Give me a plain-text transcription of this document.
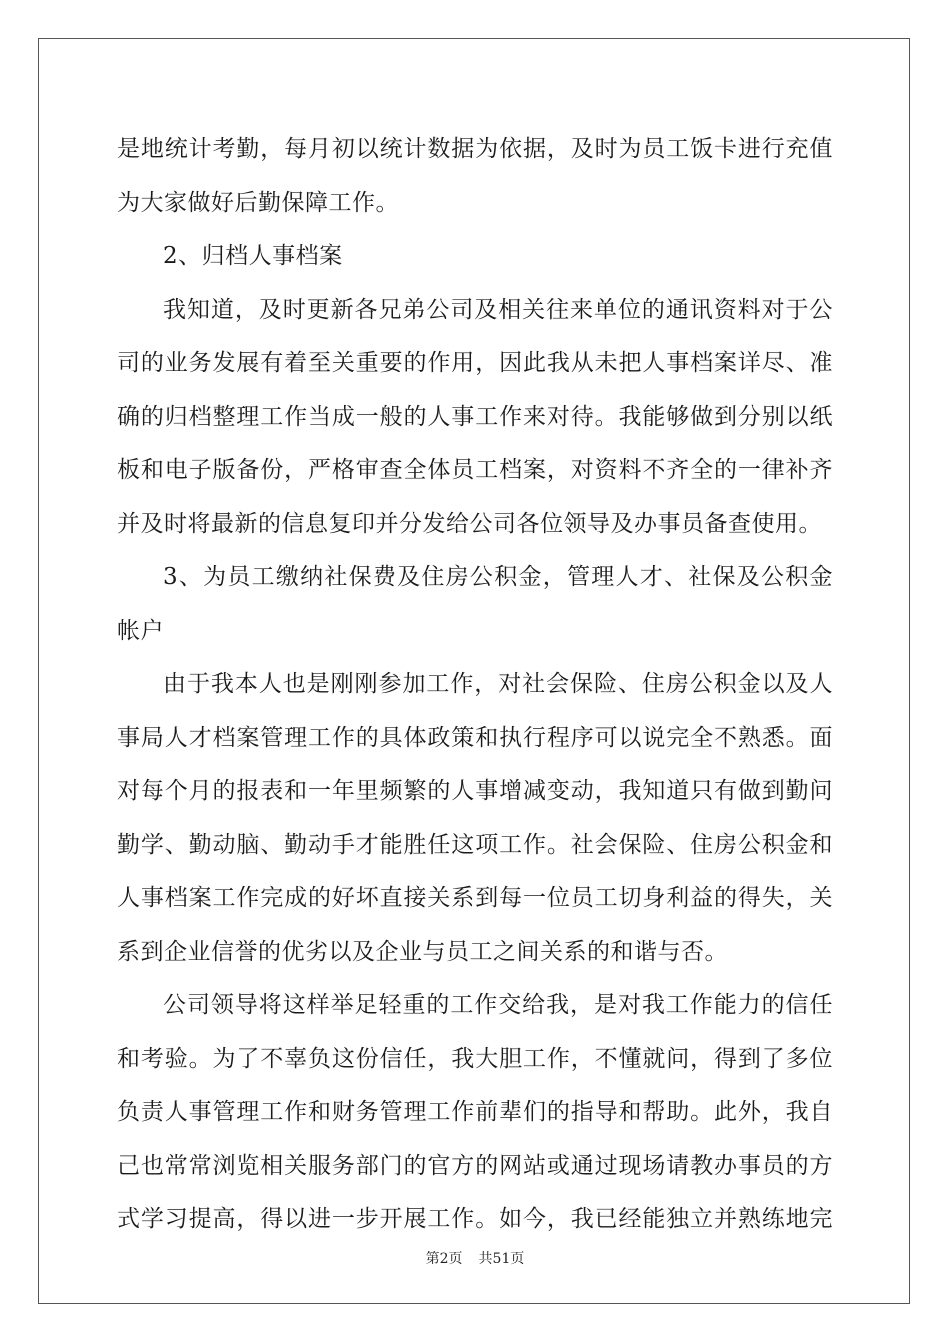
是地统计考勤，每月初以统计数据为依据，及时为员工饭卡进行充值
为大家做好后勤保障工作。
2、归档人事档案
我知道，及时更新各兄弟公司及相关往来单位的通讯资料对于公
司的业务发展有着至关重要的作用，因此我从未把人事档案详尽、准
确的归档整理工作当成一般的人事工作来对待。我能够做到分别以纸
板和电子版备份，严格审查全体员工档案，对资料不齐全的一律补齐
并及时将最新的信息复印并分发给公司各位领导及办事员备查使用。
3、为员工缴纳社保费及住房公积金，管理人才、社保及公积金
帐户
由于我本人也是刚刚参加工作，对社会保险、住房公积金以及人
事局人才档案管理工作的具体政策和执行程序可以说完全不熟悉。面
对每个月的报表和一年里频繁的人事增减变动，我知道只有做到勤问
勤学、勤动脑、勤动手才能胜任这项工作。社会保险、住房公积金和
人事档案工作完成的好坏直接关系到每一位员工切身利益的得失，关
系到企业信誉的优劣以及企业与员工之间关系的和谐与否。
公司领导将这样举足轻重的工作交给我，是对我工作能力的信任
和考验。为了不辜负这份信任，我大胆工作，不懂就问，得到了多位
负责人事管理工作和财务管理工作前辈们的指导和帮助。此外，我自
己也常常浏览相关服务部门的官方的网站或通过现场请教办事员的方
式学习提高，得以进一步开展工作。如今，我已经能独立并熟练地完
第2页 共51页
